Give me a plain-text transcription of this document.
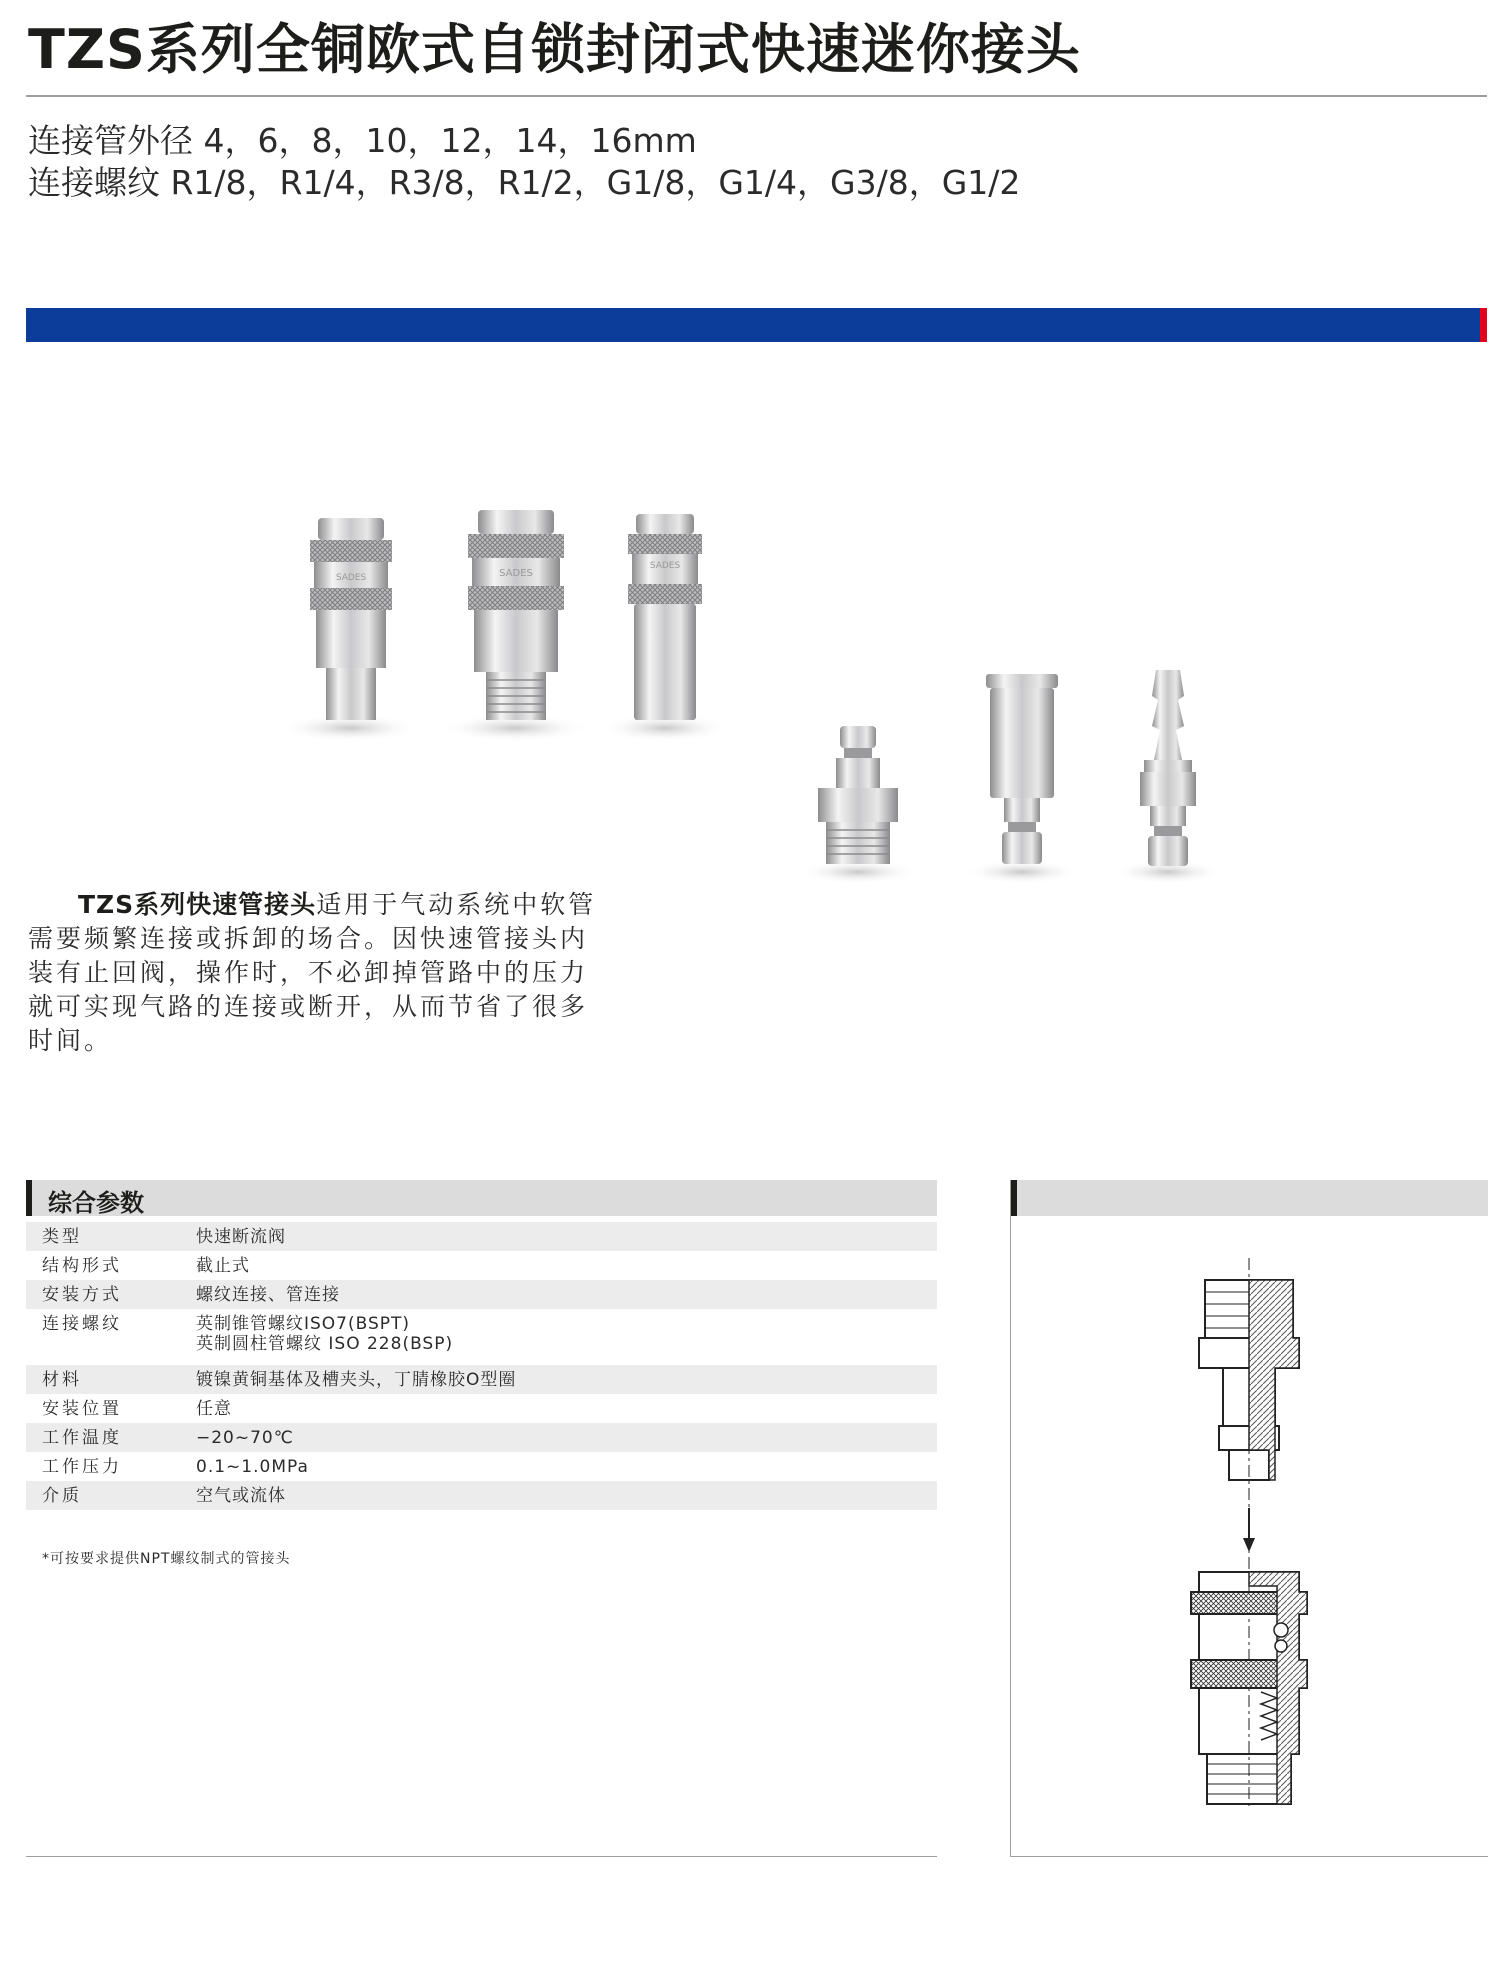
TZS系列全铜欧式自锁封闭式快速迷你接头
连接管外径 4，6，8，10，12，14，16mm
连接螺纹 R1/8，R1/4，R3/8，R1/2，G1/8，G1/4，G3/8，G1/2
SADES	SADES
SADES
TZS系列快速管接头适用于气动系统中软管需要频繁连接或拆卸的场合。因快速管接头内装有止回阀，操作时，不必卸掉管路中的压力就可实现气路的连接或断开，从而节省了很多时间。
综合参数
类型	快速断流阀
结构形式	截止式
安装方式	螺纹连接、管连接
连接螺纹	英制锥管螺纹ISO7(BSPT)
英制圆柱管螺纹 ISO 228(BSP)
材料	镀镍黄铜基体及槽夹头，丁腈橡胶O型圈
安装位置	任意
工作温度	−20~70℃
工作压力	0.1~1.0MPa
介质	空气或流体
*可按要求提供NPT螺纹制式的管接头
